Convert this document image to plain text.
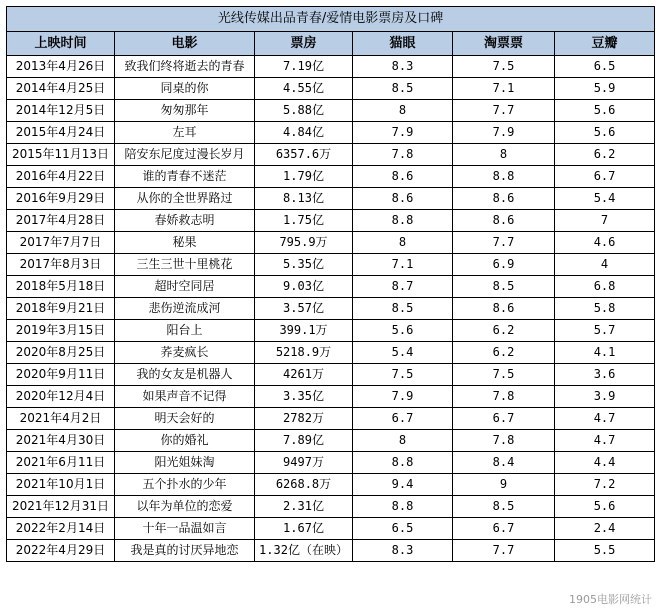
光线传媒出品青春/爱情电影票房及口碑					
上映时间	电影	票房	猫眼	淘票票	豆瓣
2013年4月26日	致我们终将逝去的青春	7.19亿	8.3	7.5	6.5
2014年4月25日	同桌的你	4.55亿	8.5	7.1	5.9
2014年12月5日	匆匆那年	5.88亿	8	7.7	5.6
2015年4月24日	左耳	4.84亿	7.9	7.9	5.6
2015年11月13日	陪安东尼度过漫长岁月	6357.6万	7.8	8	6.2
2016年4月22日	谁的青春不迷茫	1.79亿	8.6	8.8	6.7
2016年9月29日	从你的全世界路过	8.13亿	8.6	8.6	5.4
2017年4月28日	春娇救志明	1.75亿	8.8	8.6	7
2017年7月7日	秘果	795.9万	8	7.7	4.6
2017年8月3日	三生三世十里桃花	5.35亿	7.1	6.9	4
2018年5月18日	超时空同居	9.03亿	8.7	8.5	6.8
2018年9月21日	悲伤逆流成河	3.57亿	8.5	8.6	5.8
2019年3月15日	阳台上	399.1万	5.6	6.2	5.7
2020年8月25日	荞麦疯长	5218.9万	5.4	6.2	4.1
2020年9月11日	我的女友是机器人	4261万	7.5	7.5	3.6
2020年12月4日	如果声音不记得	3.35亿	7.9	7.8	3.9
2021年4月2日	明天会好的	2782万	6.7	6.7	4.7
2021年4月30日	你的婚礼	7.89亿	8	7.8	4.7
2021年6月11日	阳光姐妹淘	9497万	8.8	8.4	4.4
2021年10月1日	五个扑水的少年	6268.8万	9.4	9	7.2
2021年12月31日	以年为单位的恋爱	2.31亿	8.8	8.5	5.6
2022年2月14日	十年一品温如言	1.67亿	6.5	6.7	2.4
2022年4月29日	我是真的讨厌异地恋	1.32亿（在映）	8.3	7.7	5.5
1905电影网统计
